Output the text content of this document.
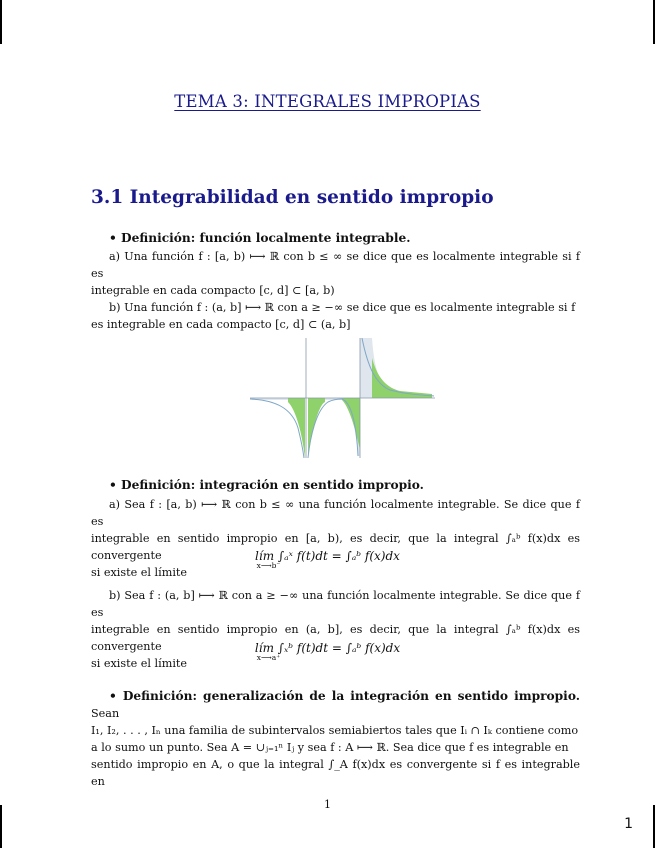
TEMA 3: INTEGRALES IMPROPIAS
3.1 Integrabilidad en sentido impropio
• Definición: función localmente integrable.
a) Una función f : [a, b) ⟼ ℝ con b ≤ ∞ se dice que es localmente integrable si f es
integrable en cada compacto [c, d] ⊂ [a, b)
b) Una función f : (a, b] ⟼ ℝ con a ≥ −∞ se dice que es localmente integrable si f
es integrable en cada compacto [c, d] ⊂ (a, b]
• Definición: integración en sentido impropio.
a) Sea f : [a, b) ⟼ ℝ con b ≤ ∞ una función localmente integrable. Se dice que f es
integrable en sentido impropio en [a, b), es decir, que la integral ∫ₐᵇ f(x)dx es convergente
si existe el límite
lím ∫ₐˣ f(t)dt = ∫ₐᵇ f(x)dx
x⟶b⁻
b) Sea f : (a, b] ⟼ ℝ con a ≥ −∞ una función localmente integrable. Se dice que f es
integrable en sentido impropio en (a, b], es decir, que la integral ∫ₐᵇ f(x)dx es convergente
si existe el límite
lím ∫ₓᵇ f(t)dt = ∫ₐᵇ f(x)dx
x⟶a⁺
• Definición: generalización de la integración en sentido impropio. Sean
I₁, I₂, . . . , Iₙ una familia de subintervalos semiabiertos tales que Iᵢ ∩ Iₖ contiene como
a lo sumo un punto. Sea A = ∪ⱼ₌₁ⁿ Iⱼ y sea f : A ⟼ ℝ. Sea dice que f es integrable en
sentido impropio en A, o que la integral ∫_A f(x)dx es convergente si f es integrable en
1
1
